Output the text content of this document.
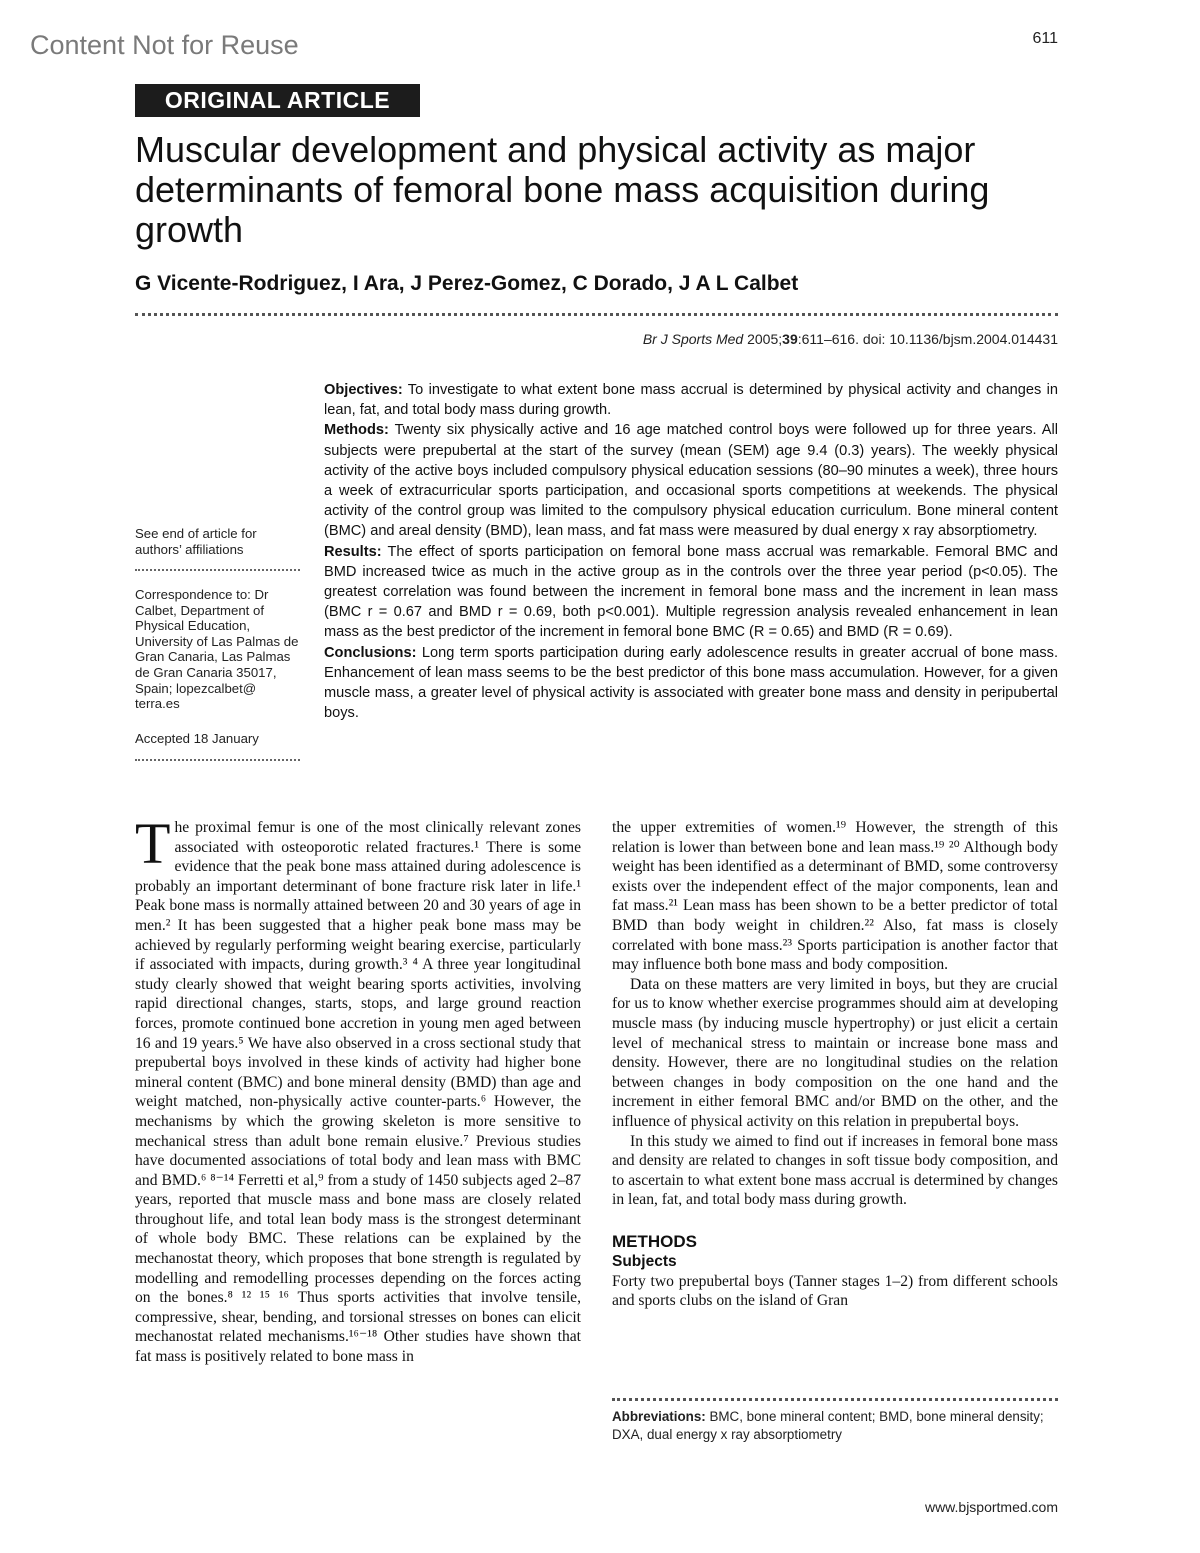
Content Not for Reuse	611
ORIGINAL ARTICLE
Muscular development and physical activity as major determinants of femoral bone mass acquisition during growth
G Vicente-Rodriguez, I Ara, J Perez-Gomez, C Dorado, J A L Calbet
Br J Sports Med 2005;39:611–616. doi: 10.1136/bjsm.2004.014431
See end of article for authors’ affiliations
Correspondence to: Dr Calbet, Department of Physical Education, University of Las Palmas de Gran Canaria, Las Palmas de Gran Canaria 35017, Spain; lopezcalbet@ terra.es
Accepted 18 January

Objectives: To investigate to what extent bone mass accrual is determined by physical activity and changes in lean, fat, and total body mass during growth.

Methods: Twenty six physically active and 16 age matched control boys were followed up for three years. All subjects were prepubertal at the start of the survey (mean (SEM) age 9.4 (0.3) years). The weekly physical activity of the active boys included compulsory physical education sessions (80–90 minutes a week), three hours a week of extracurricular sports participation, and occasional sports competitions at weekends. The physical activity of the control group was limited to the compulsory physical education curriculum. Bone mineral content (BMC) and areal density (BMD), lean mass, and fat mass were measured by dual energy x ray absorptiometry.

Results: The effect of sports participation on femoral bone mass accrual was remarkable. Femoral BMC and BMD increased twice as much in the active group as in the controls over the three year period (p<0.05). The greatest correlation was found between the increment in femoral bone mass and the increment in lean mass (BMC r = 0.67 and BMD r = 0.69, both p<0.001). Multiple regression analysis revealed enhancement in lean mass as the best predictor of the increment in femoral bone BMC (R = 0.65) and BMD (R = 0.69).

Conclusions: Long term sports participation during early adolescence results in greater accrual of bone mass. Enhancement of lean mass seems to be the best predictor of this bone mass accumulation. However, for a given muscle mass, a greater level of physical activity is associated with greater bone mass and density in peripubertal boys.

The proximal femur is one of the most clinically relevant zones associated with osteoporotic related fractures.¹ There is some evidence that the peak bone mass attained during adolescence is probably an important determinant of bone fracture risk later in life.¹ Peak bone mass is normally attained between 20 and 30 years of age in men.² It has been suggested that a higher peak bone mass may be achieved by regularly performing weight bearing exercise, particularly if associated with impacts, during growth.³ ⁴ A three year longitudinal study clearly showed that weight bearing sports activities, involving rapid directional changes, starts, stops, and large ground reaction forces, promote continued bone accretion in young men aged between 16 and 19 years.⁵ We have also observed in a cross sectional study that prepubertal boys involved in these kinds of activity had higher bone mineral content (BMC) and bone mineral density (BMD) than age and weight matched, non-physically active counter-parts.⁶ However, the mechanisms by which the growing skeleton is more sensitive to mechanical stress than adult bone remain elusive.⁷ Previous studies have documented associations of total body and lean mass with BMC and BMD.⁶ ⁸⁻¹⁴ Ferretti et al,⁹ from a study of 1450 subjects aged 2–87 years, reported that muscle mass and bone mass are closely related throughout life, and total lean body mass is the strongest determinant of whole body BMC. These relations can be explained by the mechanostat theory, which proposes that bone strength is regulated by modelling and remodelling processes depending on the forces acting on the bones.⁸ ¹² ¹⁵ ¹⁶ Thus sports activities that involve tensile, compressive, shear, bending, and torsional stresses on bones can elicit mechanostat related mechanisms.¹⁶⁻¹⁸ Other studies have shown that fat mass is positively related to bone mass in

the upper extremities of women.¹⁹ However, the strength of this relation is lower than between bone and lean mass.¹⁹ ²⁰ Although body weight has been identified as a determinant of BMD, some controversy exists over the independent effect of the major components, lean and fat mass.²¹ Lean mass has been shown to be a better predictor of total BMD than body weight in children.²² Also, fat mass is closely correlated with bone mass.²³ Sports participation is another factor that may influence both bone mass and body composition.

Data on these matters are very limited in boys, but they are crucial for us to know whether exercise programmes should aim at developing muscle mass (by inducing muscle hypertrophy) or just elicit a certain level of mechanical stress to maintain or increase bone mass and density. However, there are no longitudinal studies on the relation between changes in body composition on the one hand and the increment in either femoral BMC and/or BMD on the other, and the influence of physical activity on this relation in prepubertal boys.

In this study we aimed to find out if increases in femoral bone mass and density are related to changes in soft tissue body composition, and to ascertain to what extent bone mass accrual is determined by changes in lean, fat, and total body mass during growth.

METHODS
Subjects

Forty two prepubertal boys (Tanner stages 1–2) from different schools and sports clubs on the island of Gran

Abbreviations: BMC, bone mineral content; BMD, bone mineral density; DXA, dual energy x ray absorptiometry
www.bjsportmed.com
